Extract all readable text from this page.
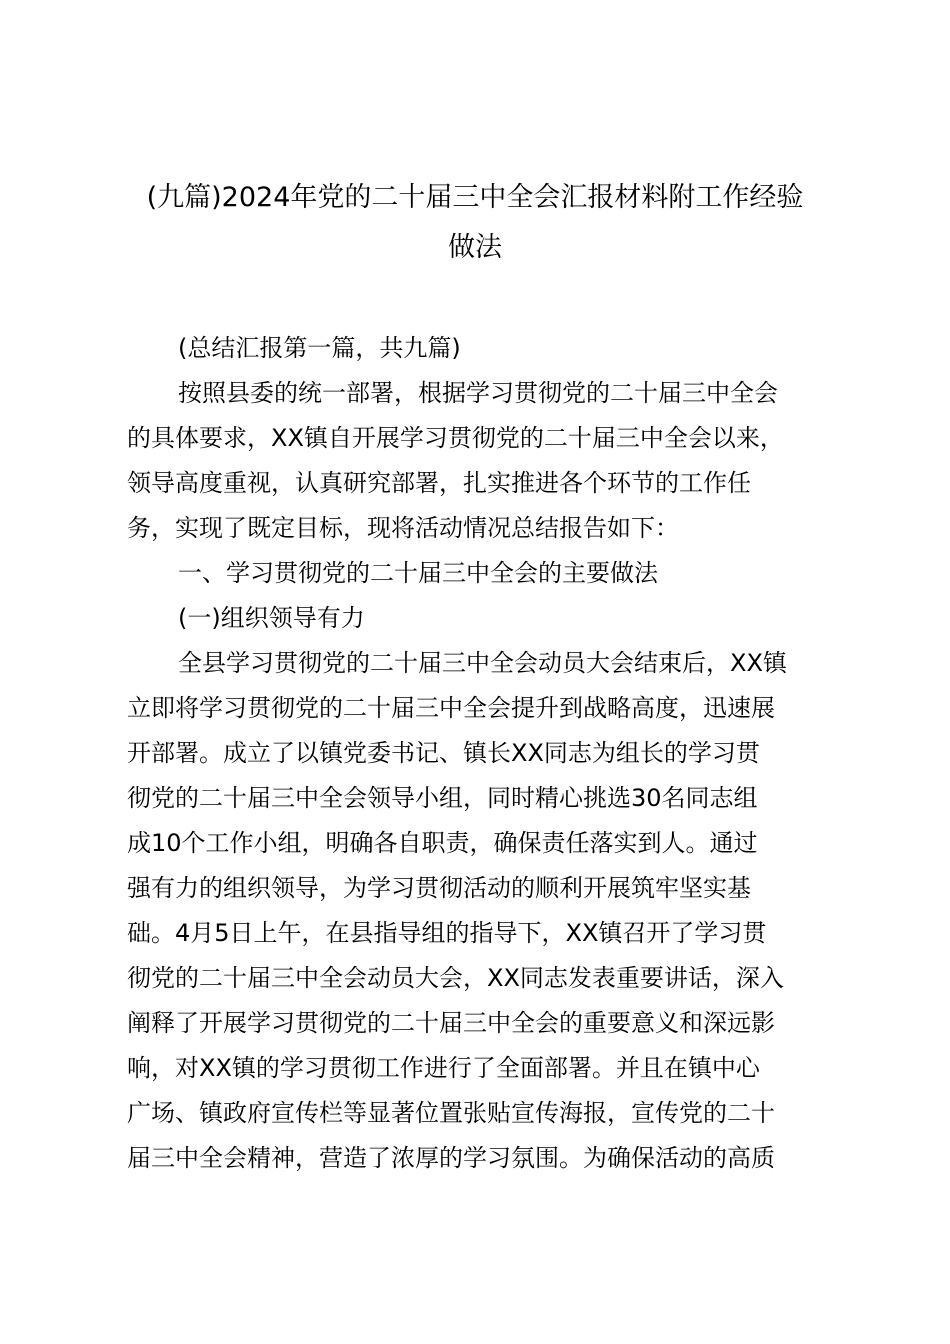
(九篇)2024年党的二十届三中全会汇报材料附工作经验
做法
(总结汇报第一篇，共九篇)
按照县委的统一部署，根据学习贯彻党的二十届三中全会
的具体要求，XX镇自开展学习贯彻党的二十届三中全会以来，
领导高度重视，认真研究部署，扎实推进各个环节的工作任
务，实现了既定目标，现将活动情况总结报告如下：
一、学习贯彻党的二十届三中全会的主要做法
(一)组织领导有力
全县学习贯彻党的二十届三中全会动员大会结束后，XX镇
立即将学习贯彻党的二十届三中全会提升到战略高度，迅速展
开部署。成立了以镇党委书记、镇长XX同志为组长的学习贯
彻党的二十届三中全会领导小组，同时精心挑选30名同志组
成10个工作小组，明确各自职责，确保责任落实到人。通过
强有力的组织领导，为学习贯彻活动的顺利开展筑牢坚实基
础。4月5日上午，在县指导组的指导下，XX镇召开了学习贯
彻党的二十届三中全会动员大会，XX同志发表重要讲话，深入
阐释了开展学习贯彻党的二十届三中全会的重要意义和深远影
响，对XX镇的学习贯彻工作进行了全面部署。并且在镇中心
广场、镇政府宣传栏等显著位置张贴宣传海报，宣传党的二十
届三中全会精神，营造了浓厚的学习氛围。为确保活动的高质
